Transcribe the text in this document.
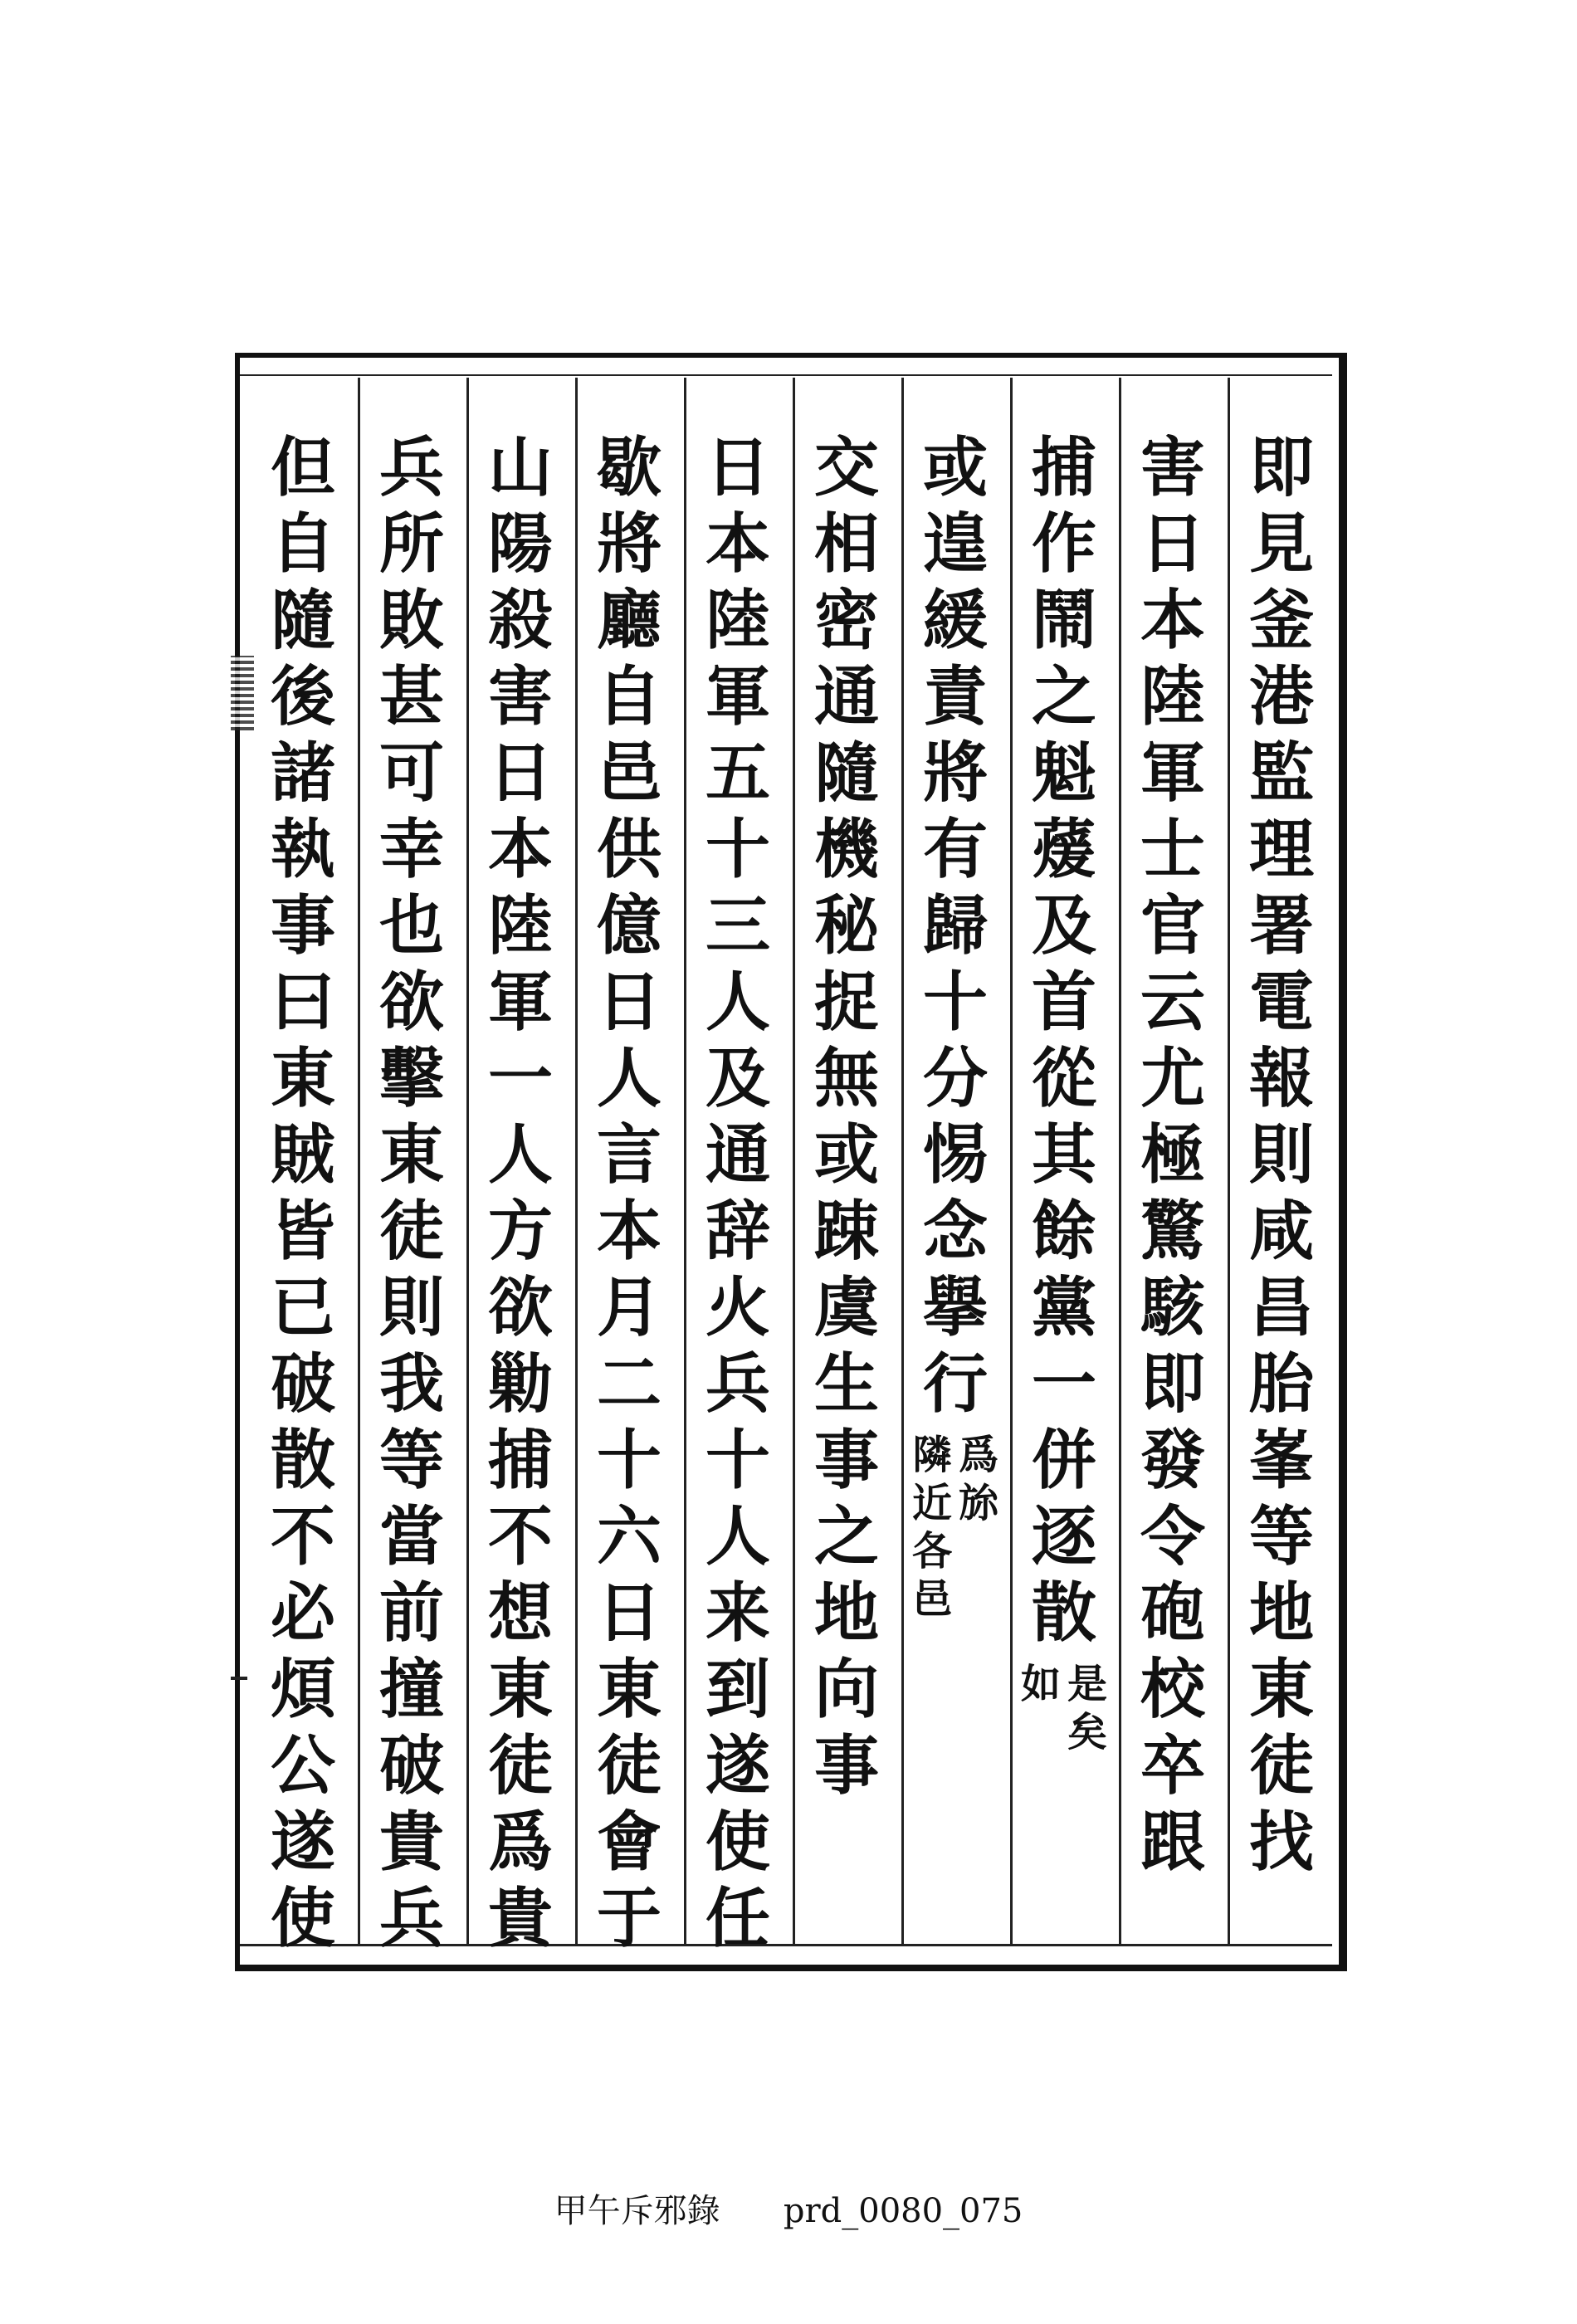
即
見
釜
港
監
理
署
電
報
則
咸
昌
胎
峯
等
地
東
徒
找
害
日
本
陸
軍
士
官
云
尤
極
驚
駭
即
發
令
砲
校
卒
跟
捕
作
鬧
之
魁
蕿
及
首
從
其
餘
黨
一
併
逐
散
是
矣
如
或
遑
緩
責
將
有
歸
十
分
惕
念
擧
行
爲
旀
隣
近
各
邑
交
相
密
通
隨
機
秘
捉
無
或
踈
虞
生
事
之
地
向
事
日
本
陸
軍
五
十
三
人
及
通
辞
火
兵
十
人
来
到
遂
使
任
歇
將
廳
自
邑
供
億
日
人
言
本
月
二
十
六
日
東
徒
會
于
山
陽
殺
害
日
本
陸
軍
一
人
方
欲
勦
捕
不
想
東
徒
爲
貴
兵
所
敗
甚
可
幸
也
欲
擊
東
徒
則
我
等
當
前
撞
破
貴
兵
但
自
隨
後
諸
執
事
曰
東
賊
皆
已
破
散
不
必
煩
公
遂
使
甲午斥邪錄 prd_0080_075
